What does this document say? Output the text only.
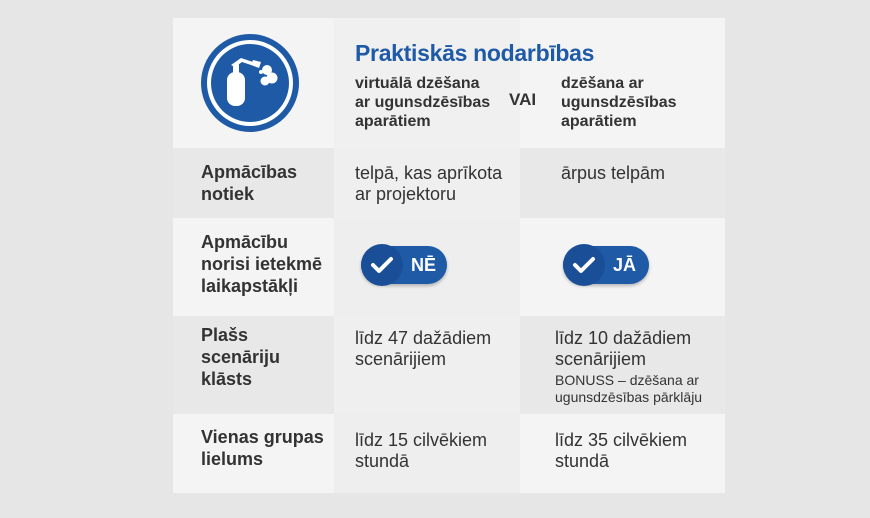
Praktiskās nodarbības
virtuālā dzēšana ar ugunsdzēsības aparātiem
VAI
dzēšana ar ugunsdzēsības aparātiem
Apmācības notiek
telpā, kas aprīkota ar projektoru
ārpus telpām
Apmācību norisi ietekmē laikapstākļi
NĒ	JĀ
Plašs scenāriju klāsts
līdz 47 dažādiem scenārijiem
līdz 10 dažādiem scenārijiem
BONUSS – dzēšana ar ugunsdzēsības pārklāju
Vienas grupas lielums
līdz 15 cilvēkiem stundā
līdz 35 cilvēkiem stundā
